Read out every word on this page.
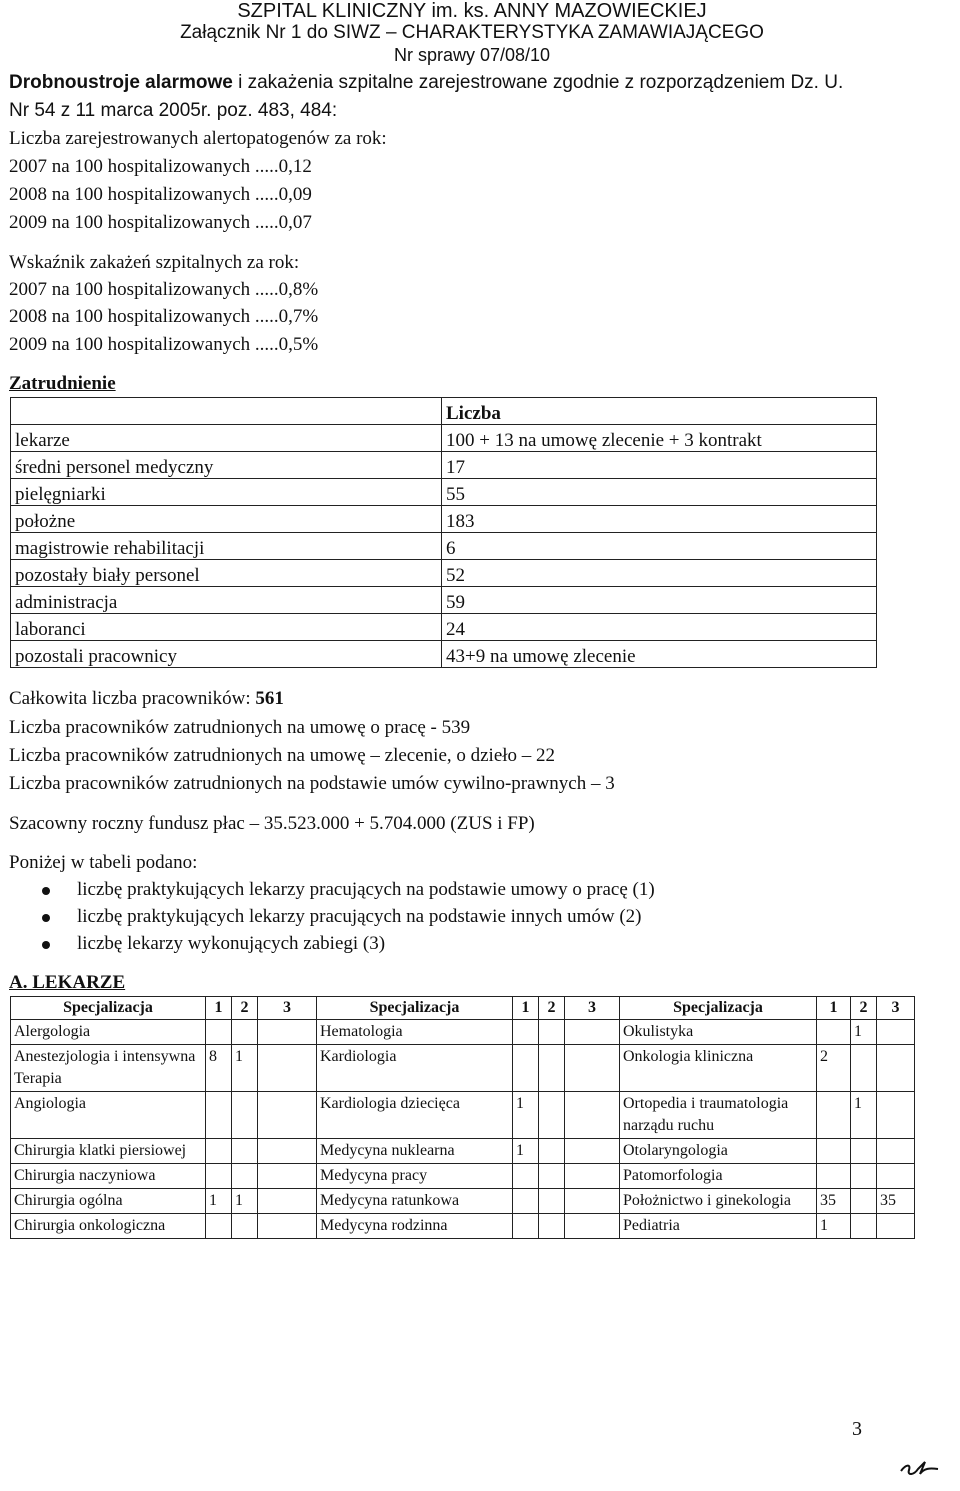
SZPITAL KLINICZNY im. ks. ANNY MAZOWIECKIEJ
Załącznik Nr 1 do SIWZ – CHARAKTERYSTYKA ZAMAWIAJĄCEGO
Nr sprawy 07/08/10
Drobnoustroje alarmowe i zakażenia szpitalne zarejestrowane zgodnie z rozporządzeniem Dz. U.
Nr 54 z 11 marca 2005r. poz. 483, 484:
Liczba zarejestrowanych alertopatogenów za rok:
2007 na 100 hospitalizowanych .....0,12
2008 na 100 hospitalizowanych .....0,09
2009 na 100 hospitalizowanych .....0,07
Wskaźnik zakażeń szpitalnych za rok:
2007 na 100 hospitalizowanych .....0,8%
2008 na 100 hospitalizowanych .....0,7%
2009 na 100 hospitalizowanych .....0,5%
Zatrudnienie
	Liczba
lekarze	100 + 13 na umowę zlecenie + 3 kontrakt
średni personel medyczny	17
pielęgniarki	55
położne	183
magistrowie rehabilitacji	6
pozostały biały personel	52
administracja	59
laboranci	24
pozostali pracownicy	43+9 na umowę zlecenie
Całkowita liczba pracowników: 561
Liczba pracowników zatrudnionych na umowę o pracę - 539
Liczba pracowników zatrudnionych na umowę – zlecenie, o dzieło – 22
Liczba pracowników zatrudnionych na podstawie umów cywilno-prawnych – 3
Szacowny roczny fundusz płac – 35.523.000 + 5.704.000 (ZUS i FP)
Poniżej w tabeli podano:
liczbę praktykujących lekarzy pracujących na podstawie umowy o pracę (1)
liczbę praktykujących lekarzy pracujących na podstawie innych umów (2)
liczbę lekarzy wykonujących zabiegi (3)
A. LEKARZE
Specjalizacja	1	2	3	Specjalizacja	1	2	3	Specjalizacja	1	2	3
Alergologia				Hematologia				Okulistyka		1	
Anestezjologia i intensywna Terapia	8	1		Kardiologia				Onkologia kliniczna	2		
Angiologia				Kardiologia dziecięca	1			Ortopedia i traumatologia narządu ruchu		1	
Chirurgia klatki piersiowej				Medycyna nuklearna	1			Otolaryngologia			
Chirurgia naczyniowa				Medycyna pracy				Patomorfologia			
Chirurgia ogólna	1	1		Medycyna ratunkowa				Położnictwo i ginekologia	35		35
Chirurgia onkologiczna				Medycyna rodzinna				Pediatria	1		
3
